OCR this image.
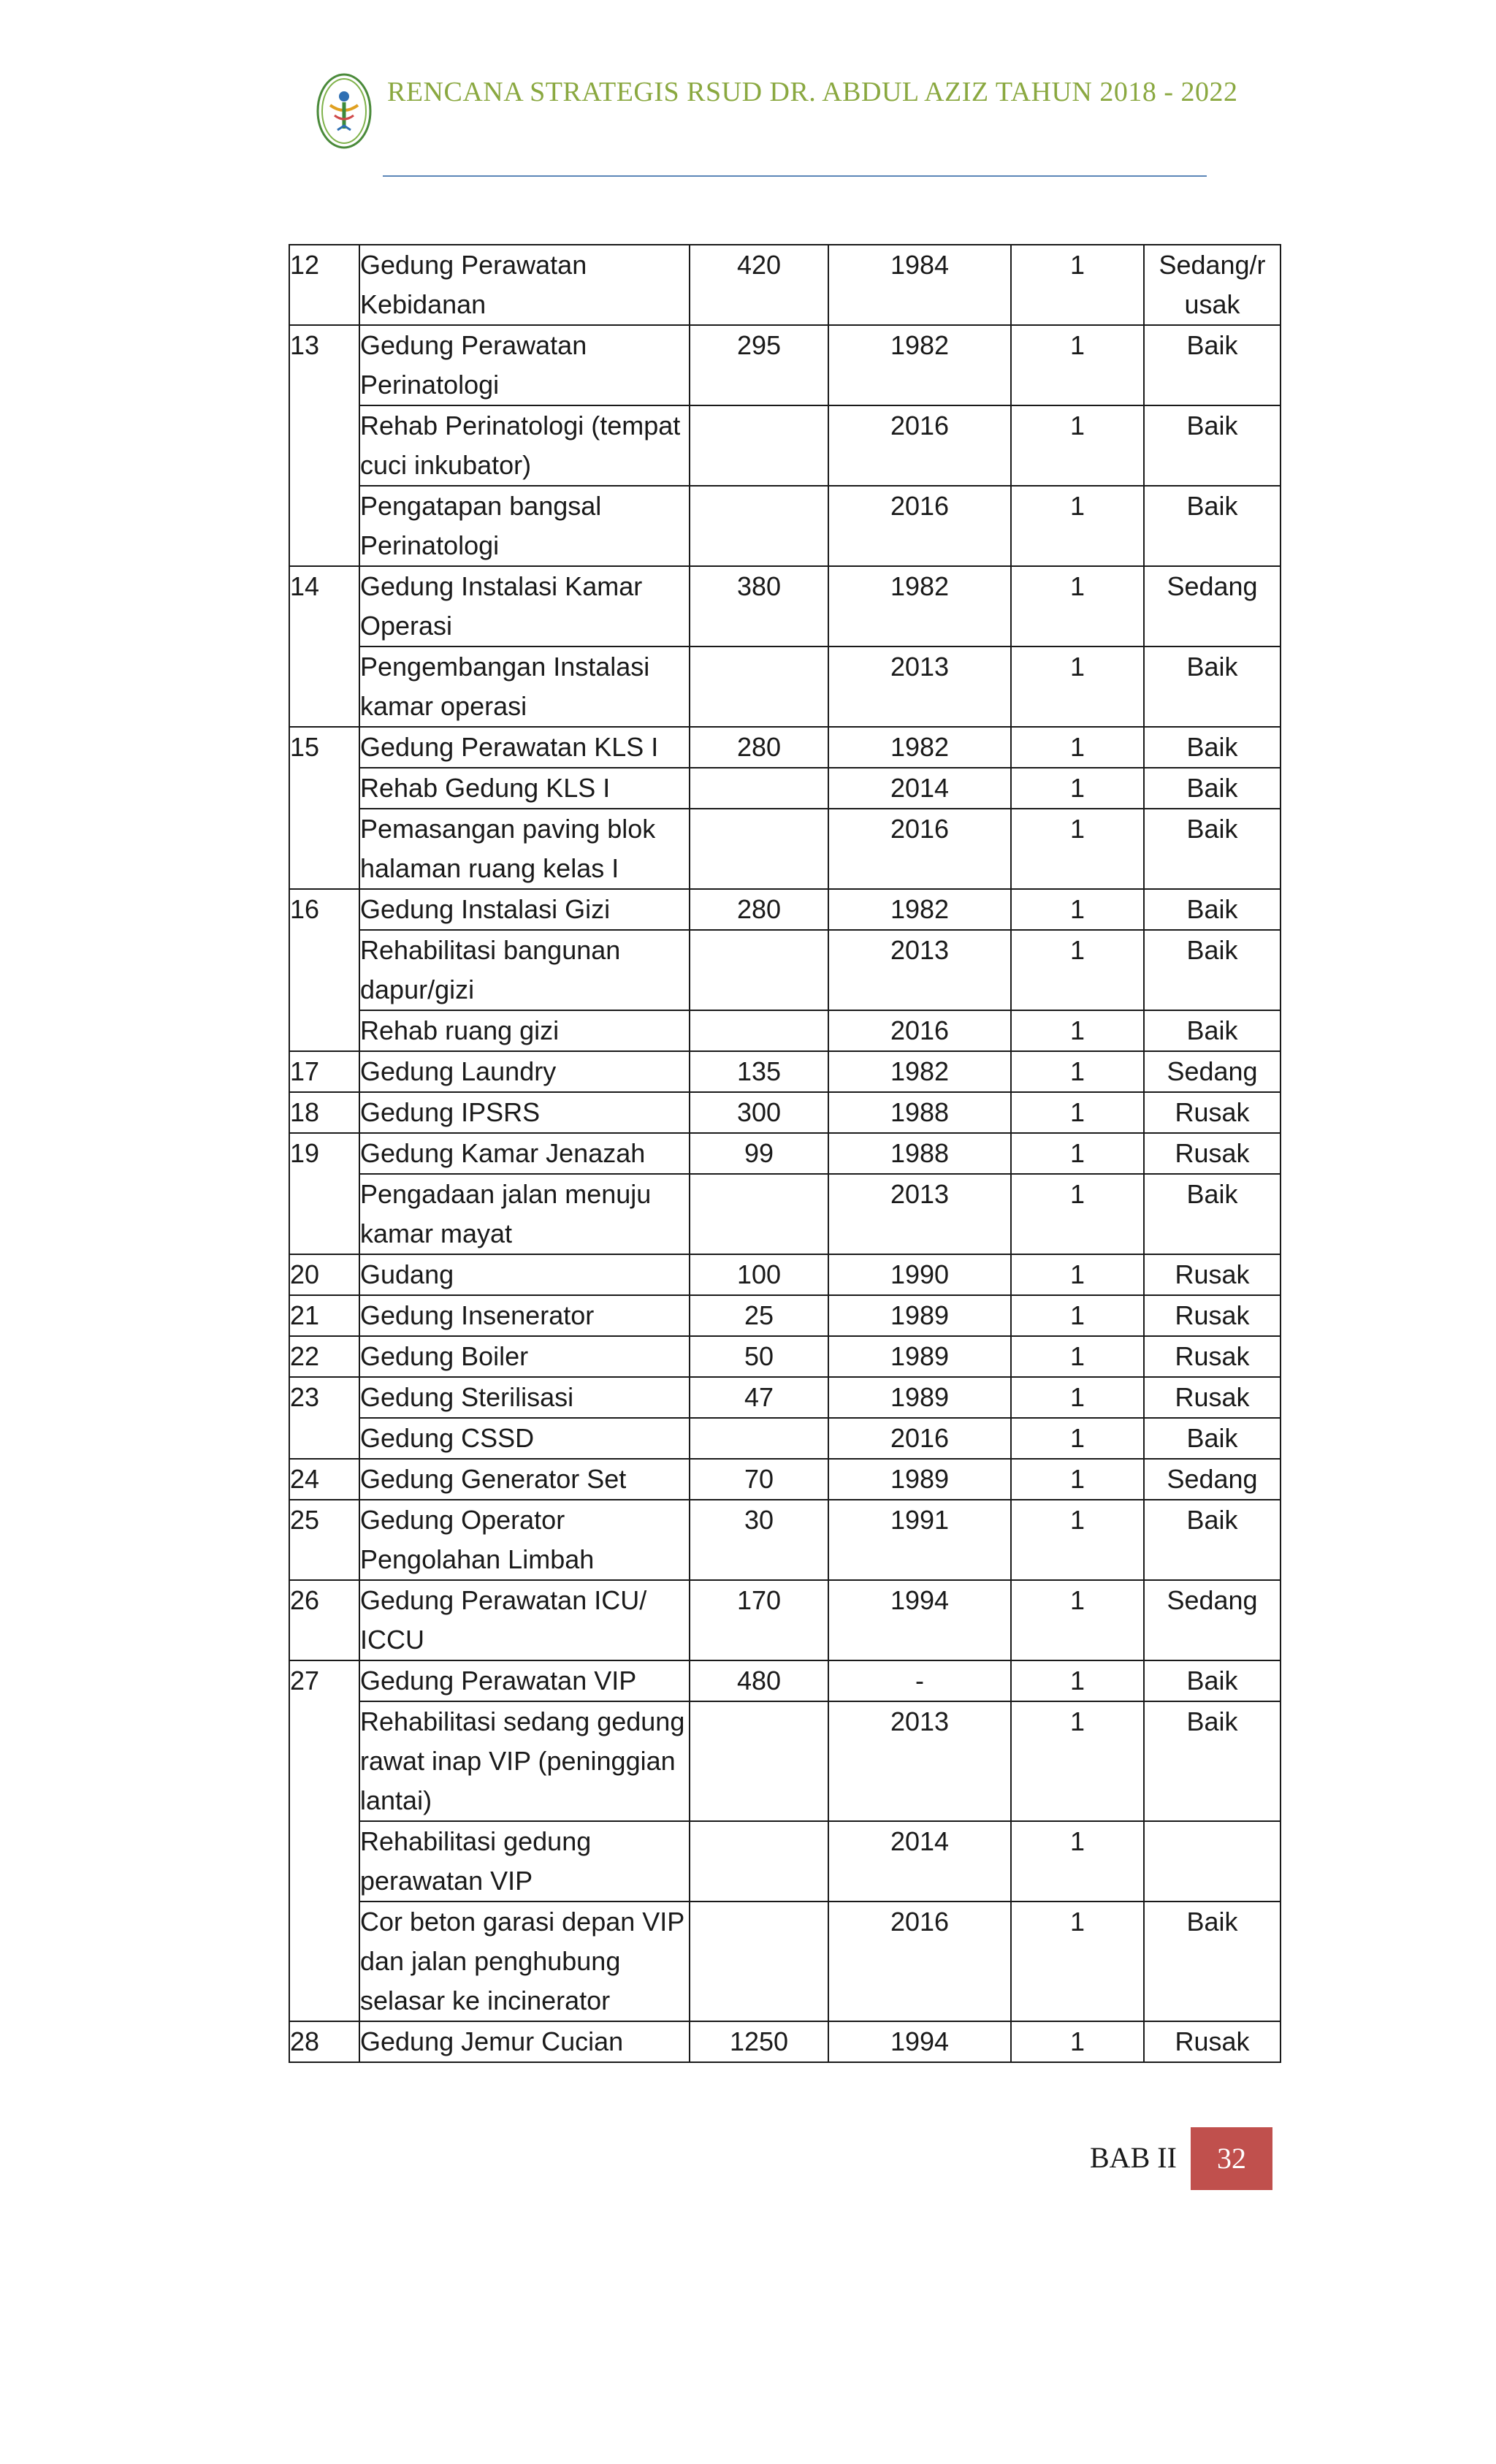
RENCANA STRATEGIS RSUD DR. ABDUL AZIZ TAHUN 2018 - 2022
12	Gedung Perawatan Kebidanan	420	1984	1	Sedang/r usak
13	Gedung Perawatan Perinatologi	295	1982	1	Baik
	Rehab Perinatologi (tempat cuci inkubator)		2016	1	Baik
	Pengatapan bangsal Perinatologi		2016	1	Baik
14	Gedung Instalasi Kamar Operasi	380	1982	1	Sedang
	Pengembangan Instalasi kamar operasi		2013	1	Baik
15	Gedung Perawatan KLS I	280	1982	1	Baik
	Rehab Gedung KLS I		2014	1	Baik
	Pemasangan paving blok halaman ruang kelas I		2016	1	Baik
16	Gedung Instalasi Gizi	280	1982	1	Baik
	Rehabilitasi bangunan dapur/gizi		2013	1	Baik
	Rehab ruang gizi		2016	1	Baik
17	Gedung Laundry	135	1982	1	Sedang
18	Gedung IPSRS	300	1988	1	Rusak
19	Gedung Kamar Jenazah	99	1988	1	Rusak
	Pengadaan jalan menuju kamar mayat		2013	1	Baik
20	Gudang	100	1990	1	Rusak
21	Gedung Insenerator	25	1989	1	Rusak
22	Gedung Boiler	50	1989	1	Rusak
23	Gedung Sterilisasi	47	1989	1	Rusak
	Gedung CSSD		2016	1	Baik
24	Gedung Generator Set	70	1989	1	Sedang
25	Gedung Operator Pengolahan Limbah	30	1991	1	Baik
26	Gedung Perawatan ICU/ ICCU	170	1994	1	Sedang
27	Gedung Perawatan VIP	480	-	1	Baik
	Rehabilitasi sedang gedung rawat inap VIP (peninggian lantai)		2013	1	Baik
	Rehabilitasi gedung perawatan VIP		2014	1	
	Cor beton garasi depan VIP dan jalan penghubung selasar ke incinerator		2016	1	Baik
28	Gedung Jemur Cucian	1250	1994	1	Rusak
BAB II	32
